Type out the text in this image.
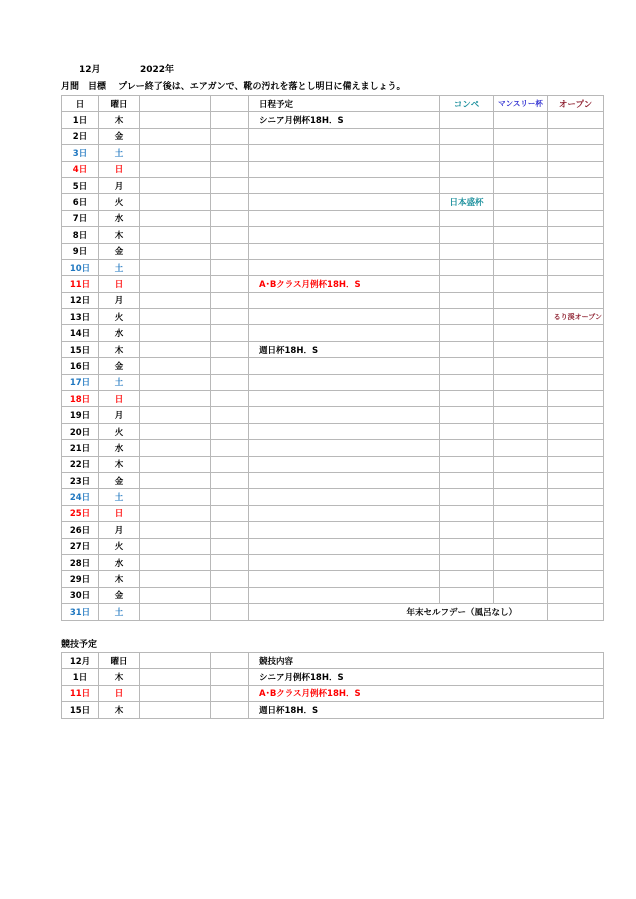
12月	2022年
月間　目標　 プレー終了後は、エアガンで、靴の汚れを落とし明日に備えましょう。
日	曜日			日程予定	コンペ	マンスリー杯	オープン
1日	木			シニア月例杯18H．S			
2日	金						
3日	土						
4日	日						
5日	月						
6日	火				日本盛杯		
7日	水						
8日	木						
9日	金						
10日	土						
11日	日			A･Bクラス月例杯18H．S			
12日	月						
13日	火						るり渓オープン
14日	水						
15日	木			週日杯18H．S			
16日	金						
17日	土						
18日	日						
19日	月						
20日	火						
21日	水						
22日	木						
23日	金						
24日	土						
25日	日						
26日	月						
27日	火						
28日	水						
29日	木						
30日	金						
31日	土			年末セルフデー（風呂なし）			
競技予定
12月	曜日			競技内容
1日	木			シニア月例杯18H．S
11日	日			A･Bクラス月例杯18H．S
15日	木			週日杯18H．S
